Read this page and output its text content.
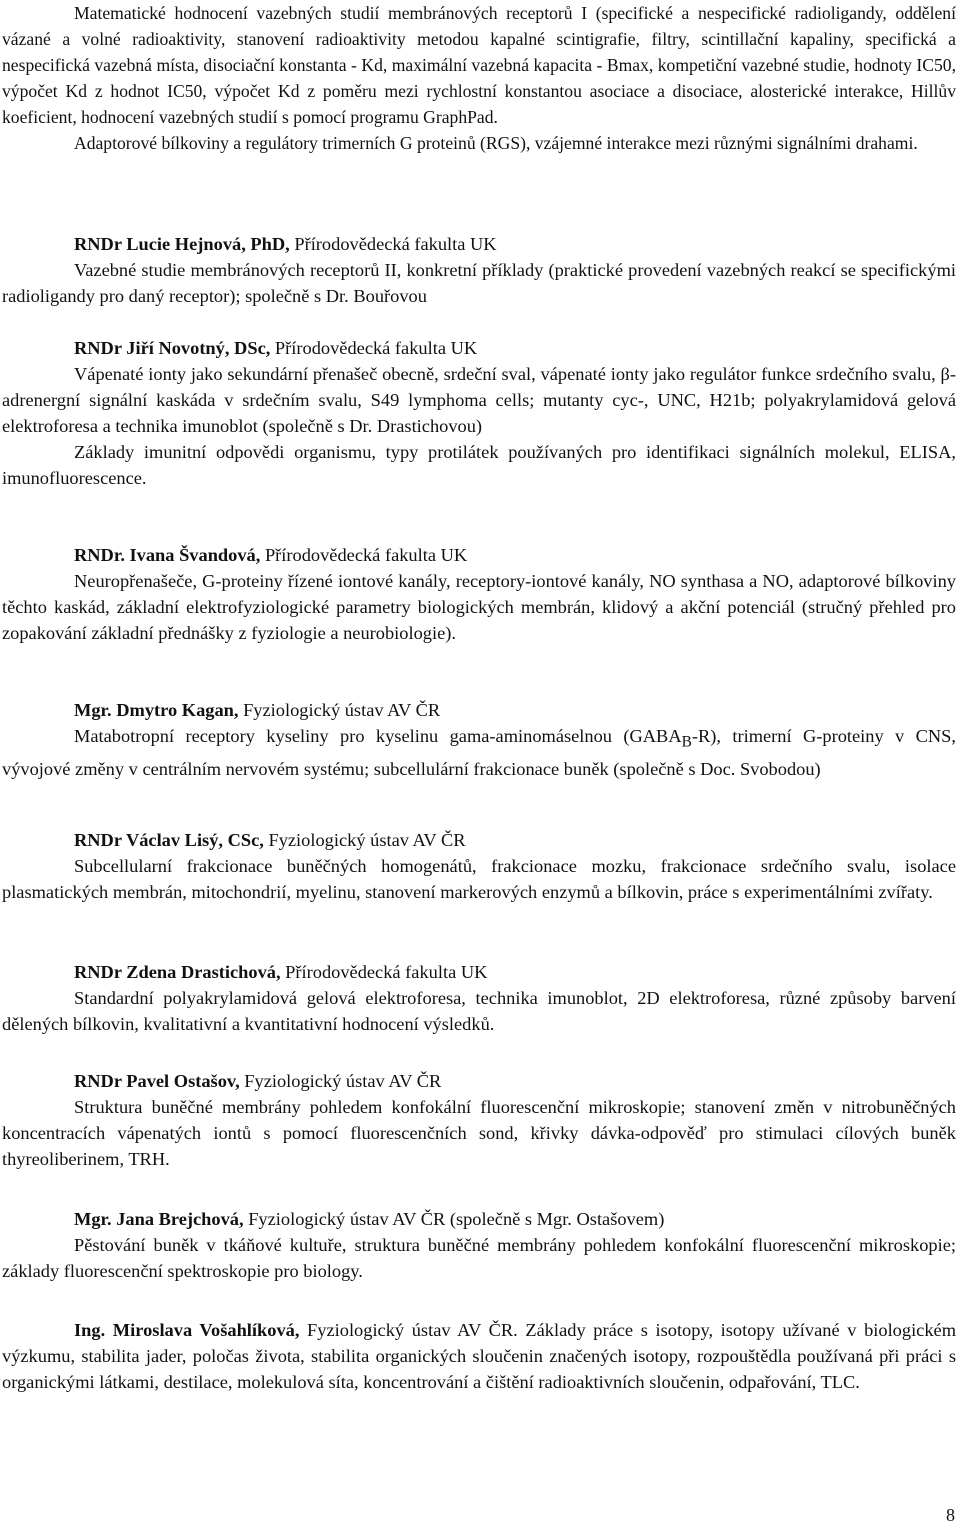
Matematické hodnocení vazebných studií membránových receptorů I (specifické a nespecifické radioligandy, oddělení vázané a volné radioaktivity, stanovení radioaktivity metodou kapalné scintigrafie, filtry, scintillační kapaliny, specifická a nespecifická vazebná místa, disociační konstanta - Kd, maximální vazebná kapacita - Bmax, kompetiční vazebné studie, hodnoty IC50, výpočet Kd z hodnot IC50, výpočet Kd z poměru mezi rychlostní konstantou asociace a disociace, alosterické interakce, Hillův koeficient, hodnocení vazebných studií s pomocí programu GraphPad.

Adaptorové bílkoviny a regulátory trimerních G proteinů (RGS), vzájemné interakce mezi různými signálními drahami.

RNDr Lucie Hejnová, PhD, Přírodovědecká fakulta UK

Vazebné studie membránových receptorů II, konkretní příklady (praktické provedení vazebných reakcí se specifickými radioligandy pro daný receptor); společně s Dr. Bouřovou

RNDr Jiří Novotný, DSc, Přírodovědecká fakulta UK

Vápenaté ionty jako sekundární přenašeč obecně, srdeční sval, vápenaté ionty jako regulátor funkce srdečního svalu, β-adrenergní signální kaskáda v srdečním svalu, S49 lymphoma cells; mutanty cyc-, UNC, H21b; polyakrylamidová gelová elektroforesa a technika imunoblot (společně s Dr. Drastichovou)

Základy imunitní odpovědi organismu, typy protilátek používaných pro identifikaci signálních molekul, ELISA, imunofluorescence.

RNDr. Ivana Švandová, Přírodovědecká fakulta UK

Neuropřenašeče, G-proteiny řízené iontové kanály, receptory-iontové kanály, NO synthasa a NO, adaptorové bílkoviny těchto kaskád, základní elektrofyziologické parametry biologických membrán, klidový a akční potenciál (stručný přehled pro zopakování základní přednášky z fyziologie a neurobiologie).

Mgr. Dmytro Kagan, Fyziologický ústav AV ČR

Matabotropní receptory kyseliny pro kyselinu gama-aminomáselnou $(GABA_B-R)$, trimerní G-proteiny v CNS, vývojové změny v centrálním nervovém systému; subcellulární frakcionace buněk (společně s Doc. Svobodou)

RNDr Václav Lisý, CSc, Fyziologický ústav AV ČR

Subcellularní frakcionace buněčných homogenátů, frakcionace mozku, frakcionace srdečního svalu, isolace plasmatických membrán, mitochondrií, myelinu, stanovení markerových enzymů a bílkovin, práce s experimentálními zvířaty.

RNDr Zdena Drastichová, Přírodovědecká fakulta UK

Standardní polyakrylamidová gelová elektroforesa, technika imunoblot, 2D elektroforesa, různé způsoby barvení dělených bílkovin, kvalitativní a kvantitativní hodnocení výsledků.

RNDr Pavel Ostašov, Fyziologický ústav AV ČR

Struktura buněčné membrány pohledem konfokální fluorescenční mikroskopie; stanovení změn v nitrobuněčných koncentracích vápenatých iontů s pomocí fluorescenčních sond, křivky dávka-odpověď pro stimulaci cílových buněk thyreoliberinem, TRH.

Mgr. Jana Brejchová, Fyziologický ústav AV ČR (společně s Mgr. Ostašovem)

Pěstování buněk v tkáňové kultuře, struktura buněčné membrány pohledem konfokální fluorescenční mikroskopie; základy fluorescenční spektroskopie pro biology.

Ing. Miroslava Vošahlíková, Fyziologický ústav AV ČR. Základy práce s isotopy, isotopy užívané v biologickém výzkumu, stabilita jader, poločas života, stabilita organických sloučenin značených isotopy, rozpouštědla používaná při práci s organickými látkami, destilace, molekulová síta, koncentrování a čištění radioaktivních sloučenin, odpařování, TLC.

8
